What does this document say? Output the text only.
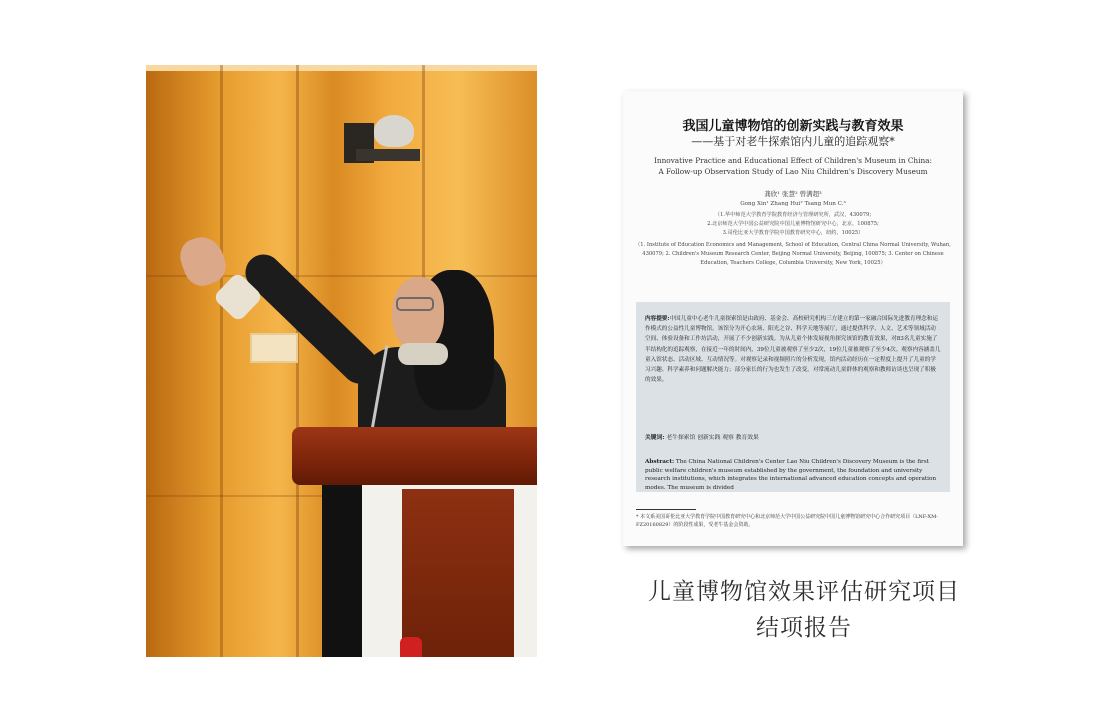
我国儿童博物馆的创新实践与教育效果
——基于对老牛探索馆内儿童的追踪观察*
Innovative Practice and Educational Effect of Children's Museum in China:
A Follow-up Observation Study of Lao Niu Children's Discovery Museum
龚欣¹ 张慧² 曾满超³
Gong Xin¹ Zhang Hui² Tsang Mun C.³
（1.华中师范大学教育学院教育经济与管理研究所，武汉，430079;
2.北京师范大学中国公益研究院中国儿童博物馆研究中心，北京，100875;
3.哥伦比亚大学教育学院中国教育研究中心，纽约，10025）
（1. Institute of Education Economics and Management, School of Education, Central China Normal University, Wuhan, 430079; 2. Children's Museum Research Center, Beijing Normal University, Beijing, 100875; 3. Center on Chinese Education, Teachers College, Columbia University, New York, 10025）
内容提要:中国儿童中心老牛儿童探索馆是由政府、基金会、高校研究机构三方建立的第一家融合国际先进教育理念和运作模式的公益性儿童博物馆。该馆分为开心农场、阳光之谷、科学天地等展厅，通过提供科学、人文、艺术等领域活动空间、体验设备和工作坊活动，开展了不少创新实践。为从儿童个体发展视角探究该馆的教育效果，对83名儿童实施了半结构化的追踪观察，在接近一年的时间内，39位儿童被观察了至少2次，19位儿童被观察了至少4次。观察内容涵盖儿童入馆状态、活动区域、互动情况等。对观察记录和视频照片的分析发现，馆内活动经历在一定程度上提升了儿童的学习兴趣、科学素养和问题解决能力；部分家长的行为也发生了改变。对常流动儿童群体的观察和教师访谈也呈现了积极的效果。
关键词: 老牛探索馆 创新实践 观察 教育效果
Abstract: The China National Children's Center Lao Niu Children's Discovery Museum is the first public welfare children's museum established by the government, the foundation and university research institutions, which integrates the international advanced education concepts and operation modes. The museum is divided
* 本文系美国哥伦比亚大学教育学院中国教育研究中心和北京师范大学中国公益研究院中国儿童博物馆研究中心合作研究项目（LNF-XM-FZ20160829）的阶段性成果，受老牛基金会资助。
儿童博物馆效果评估研究项目
结项报告
